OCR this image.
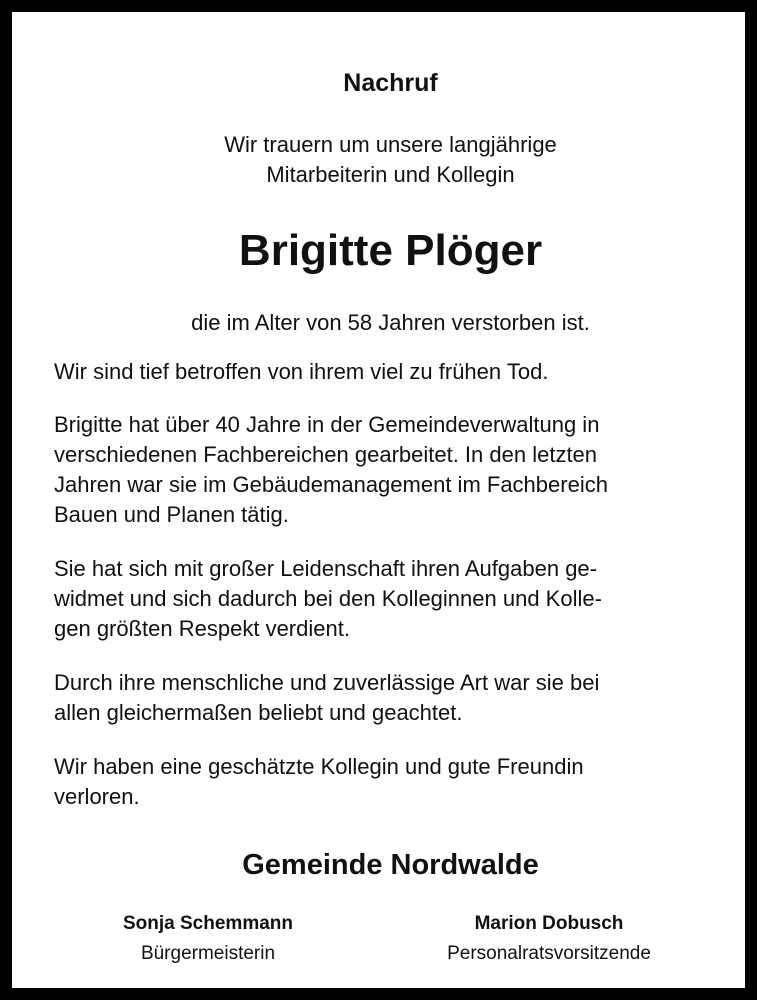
Nachruf
Wir trauern um unsere langjährige
Mitarbeiterin und Kollegin
Brigitte Plöger
die im Alter von 58 Jahren verstorben ist.
Wir sind tief betroffen von ihrem viel zu frühen Tod.
Brigitte hat über 40 Jahre in der Gemeindeverwaltung in
verschiedenen Fachbereichen gearbeitet. In den letzten
Jahren war sie im Gebäudemanagement im Fachbereich
Bauen und Planen tätig.
Sie hat sich mit großer Leidenschaft ihren Aufgaben ge-
widmet und sich dadurch bei den Kolleginnen und Kolle-
gen größten Respekt verdient.
Durch ihre menschliche und zuverlässige Art war sie bei
allen gleichermaßen beliebt und geachtet.
Wir haben eine geschätzte Kollegin und gute Freundin
verloren.
Gemeinde Nordwalde
Sonja Schemmann
Bürgermeisterin
Marion Dobusch
Personalratsvorsitzende
